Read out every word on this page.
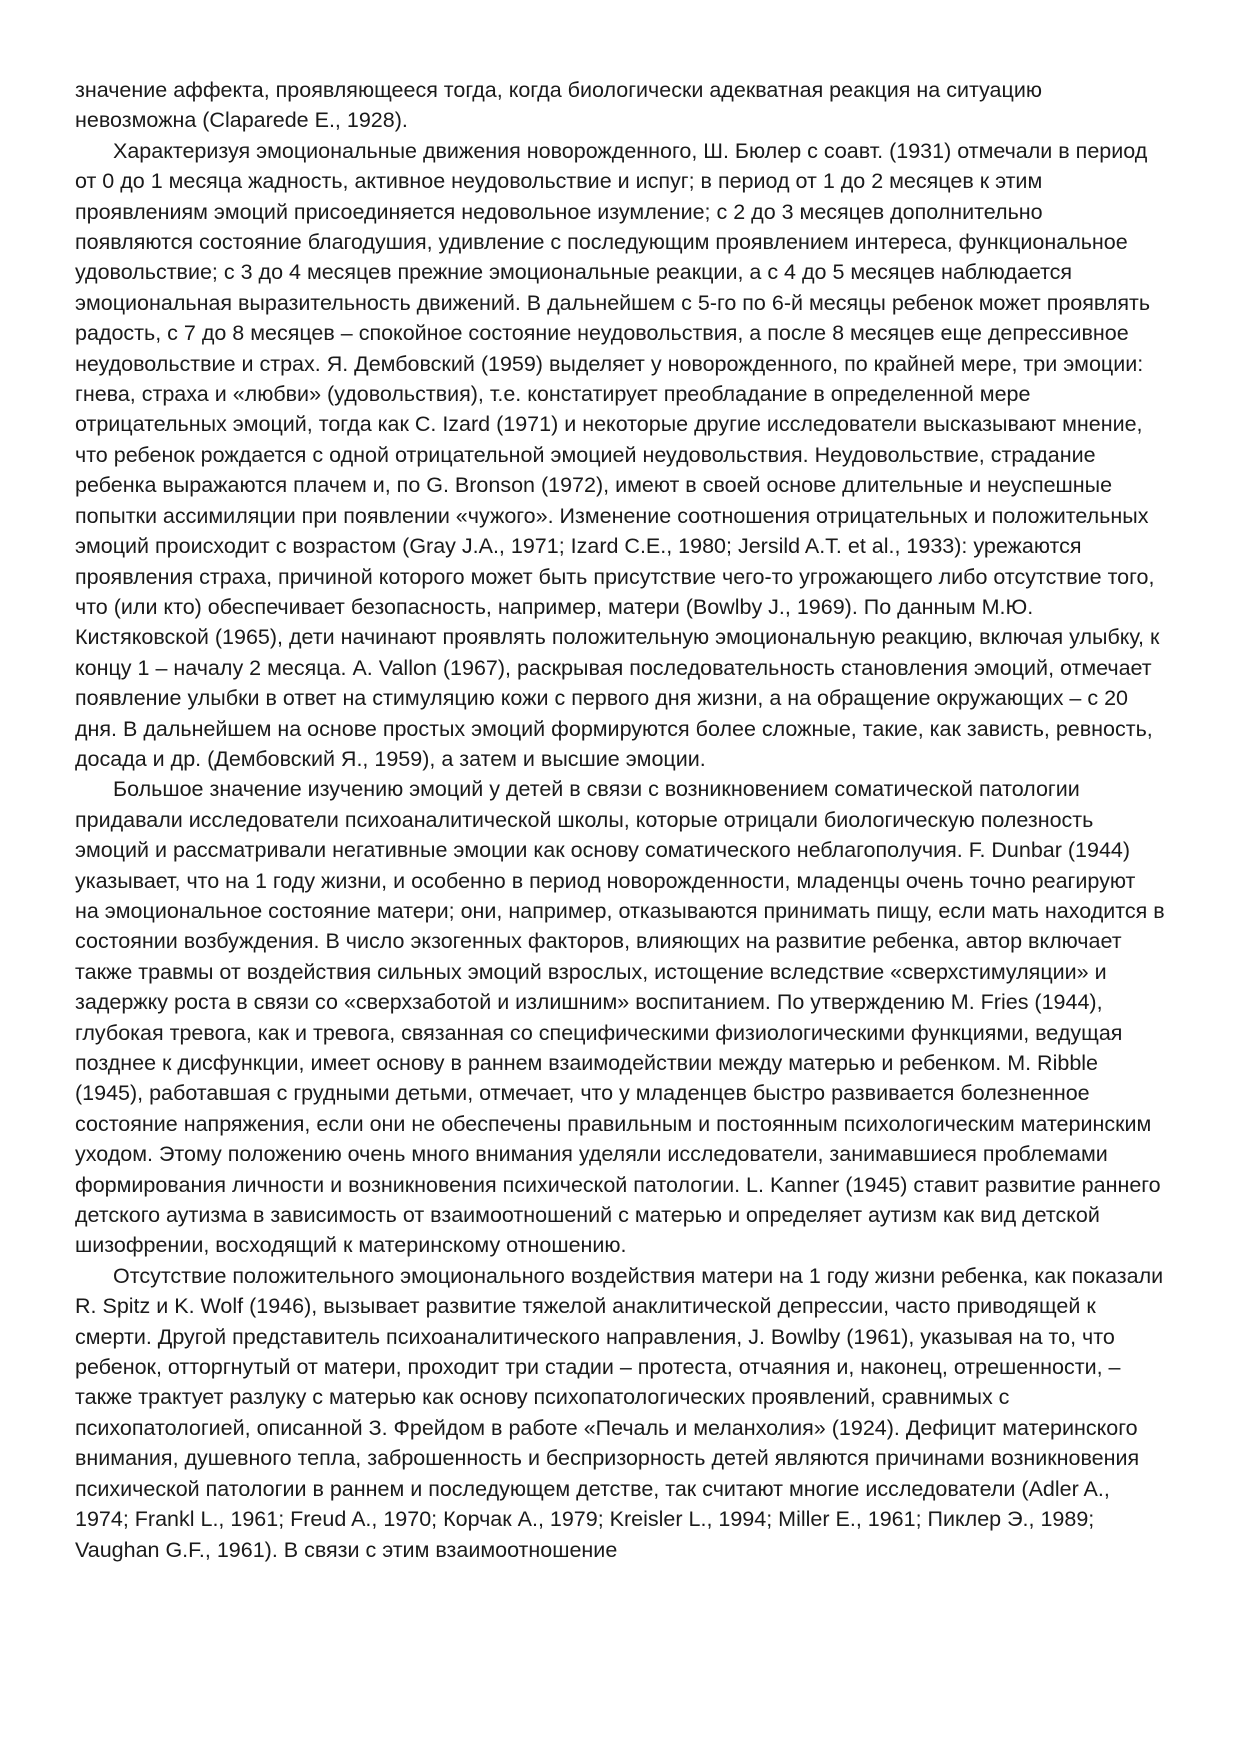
значение аффекта, проявляющееся тогда, когда биологически адекватная реакция на ситуацию невозможна (Claparede E., 1928).

Характеризуя эмоциональные движения новорожденного, Ш. Бюлер с соавт. (1931) отмечали в период от 0 до 1 месяца жадность, активное неудовольствие и испуг; в период от 1 до 2 месяцев к этим проявлениям эмоций присоединяется недовольное изумление; с 2 до 3 месяцев дополнительно появляются состояние благодушия, удивление с последующим проявлением интереса, функциональное удовольствие; с 3 до 4 месяцев прежние эмоциональные реакции, а с 4 до 5 месяцев наблюдается эмоциональная выразительность движений. В дальнейшем с 5-го по 6-й месяцы ребенок может проявлять радость, с 7 до 8 месяцев – спокойное состояние неудовольствия, а после 8 месяцев еще депрессивное неудовольствие и страх. Я. Дембовский (1959) выделяет у новорожденного, по крайней мере, три эмоции: гнева, страха и «любви» (удовольствия), т.е. констатирует преобладание в определенной мере отрицательных эмоций, тогда как C. Izard (1971) и некоторые другие исследователи высказывают мнение, что ребенок рождается с одной отрицательной эмоцией неудовольствия. Неудовольствие, страдание ребенка выражаются плачем и, по G. Bronson (1972), имеют в своей основе длительные и неуспешные попытки ассимиляции при появлении «чужого». Изменение соотношения отрицательных и положительных эмоций происходит с возрастом (Gray J.A., 1971; Izard C.E., 1980; Jersild A.T. et al., 1933): урежаются проявления страха, причиной которого может быть присутствие чего-то угрожающего либо отсутствие того, что (или кто) обеспечивает безопасность, например, матери (Bowlby J., 1969). По данным М.Ю. Кистяковской (1965), дети начинают проявлять положительную эмоциональную реакцию, включая улыбку, к концу 1 – началу 2 месяца. A. Vallon (1967), раскрывая последовательность становления эмоций, отмечает появление улыбки в ответ на стимуляцию кожи с первого дня жизни, а на обращение окружающих – с 20 дня. В дальнейшем на основе простых эмоций формируются более сложные, такие, как зависть, ревность, досада и др. (Дембовский Я., 1959), а затем и высшие эмоции.

Большое значение изучению эмоций у детей в связи с возникновением соматической патологии придавали исследователи психоаналитической школы, которые отрицали биологическую полезность эмоций и рассматривали негативные эмоции как основу соматического неблагополучия. F. Dunbar (1944) указывает, что на 1 году жизни, и особенно в период новорожденности, младенцы очень точно реагируют на эмоциональное состояние матери; они, например, отказываются принимать пищу, если мать находится в состоянии возбуждения. В число экзогенных факторов, влияющих на развитие ребенка, автор включает также травмы от воздействия сильных эмоций взрослых, истощение вследствие «сверхстимуляции» и задержку роста в связи со «сверхзаботой и излишним» воспитанием. По утверждению M. Fries (1944), глубокая тревога, как и тревога, связанная со специфическими физиологическими функциями, ведущая позднее к дисфункции, имеет основу в раннем взаимодействии между матерью и ребенком. M. Ribble (1945), работавшая с грудными детьми, отмечает, что у младенцев быстро развивается болезненное состояние напряжения, если они не обеспечены правильным и постоянным психологическим материнским уходом. Этому положению очень много внимания уделяли исследователи, занимавшиеся проблемами формирования личности и возникновения психической патологии. L. Kanner (1945) ставит развитие раннего детского аутизма в зависимость от взаимоотношений с матерью и определяет аутизм как вид детской шизофрении, восходящий к материнскому отношению.

Отсутствие положительного эмоционального воздействия матери на 1 году жизни ребенка, как показали R. Spitz и K. Wolf (1946), вызывает развитие тяжелой анаклитической депрессии, часто приводящей к смерти. Другой представитель психоаналитического направления, J. Bowlby (1961), указывая на то, что ребенок, отторгнутый от матери, проходит три стадии – протеста, отчаяния и, наконец, отрешенности, – также трактует разлуку с матерью как основу психопатологических проявлений, сравнимых с психопатологией, описанной З. Фрейдом в работе «Печаль и меланхолия» (1924). Дефицит материнского внимания, душевного тепла, заброшенность и беспризорность детей являются причинами возникновения психической патологии в раннем и последующем детстве, так считают многие исследователи (Adler A., 1974; Frankl L., 1961; Freud A., 1970; Корчак А., 1979; Kreisler L., 1994; Miller E., 1961; Пиклер Э., 1989; Vaughan G.F., 1961). В связи с этим взаимоотношение
